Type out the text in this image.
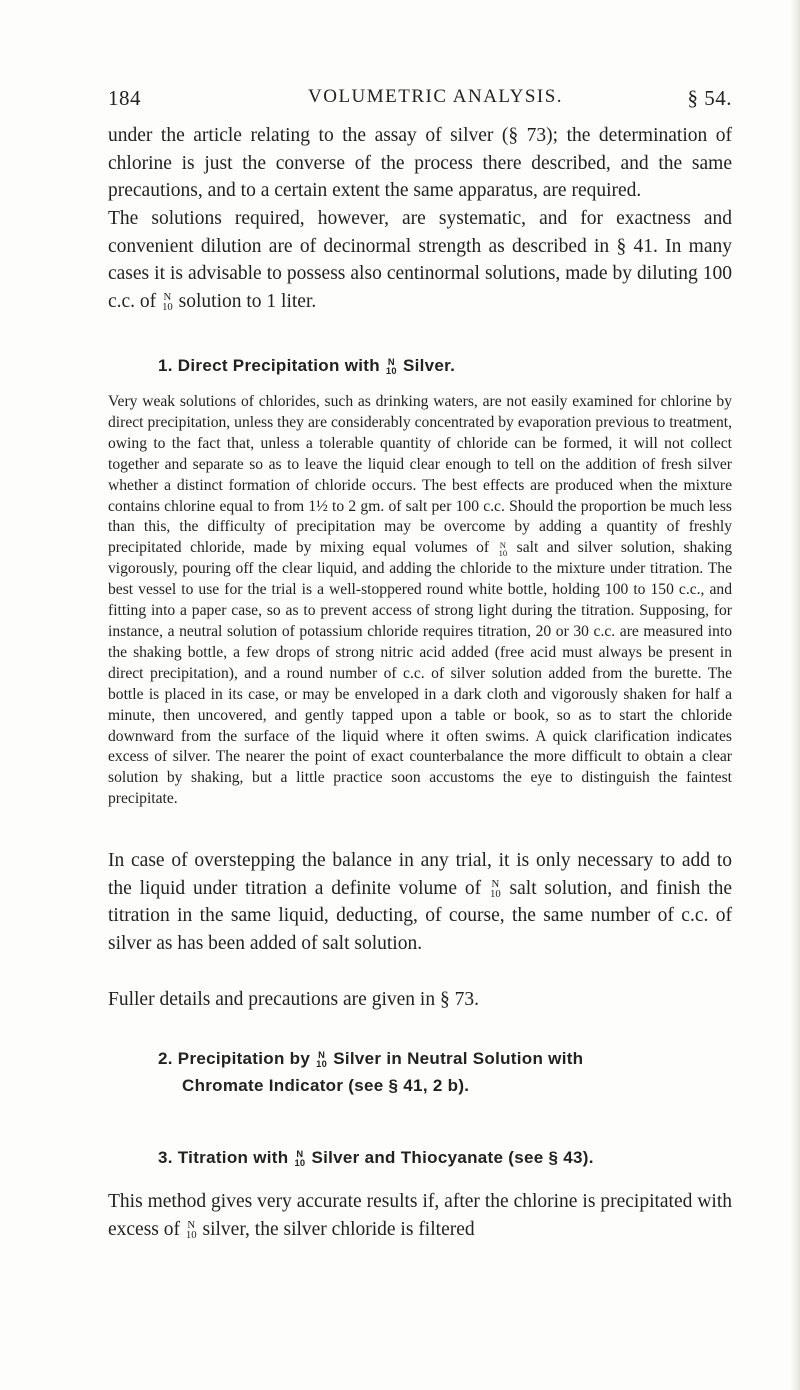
184	VOLUMETRIC ANALYSIS.	§ 54.

under the article relating to the assay of silver (§ 73); the determination of chlorine is just the converse of the process there described, and the same precautions, and to a certain extent the same apparatus, are required.

The solutions required, however, are systematic, and for exactness and convenient dilution are of decinormal strength as described in § 41. In many cases it is advisable to possess also centinormal solutions, made by diluting 100 c.c. of N
10 solution to 1 liter.

1. Direct Precipitation with N
10 Silver.

Very weak solutions of chlorides, such as drinking waters, are not easily examined for chlorine by direct precipitation, unless they are considerably concentrated by evaporation previous to treatment, owing to the fact that, unless a tolerable quantity of chloride can be formed, it will not collect together and separate so as to leave the liquid clear enough to tell on the addition of fresh silver whether a distinct formation of chloride occurs. The best effects are produced when the mixture contains chlorine equal to from 1½ to 2 gm. of salt per 100 c.c. Should the proportion be much less than this, the difficulty of precipitation may be overcome by adding a quantity of freshly precipitated chloride, made by mixing equal volumes of N
10 salt and silver solution, shaking vigorously, pouring off the clear liquid, and adding the chloride to the mixture under titration. The best vessel to use for the trial is a well-stoppered round white bottle, holding 100 to 150 c.c., and fitting into a paper case, so as to prevent access of strong light during the titration. Supposing, for instance, a neutral solution of potassium chloride requires titration, 20 or 30 c.c. are measured into the shaking bottle, a few drops of strong nitric acid added (free acid must always be present in direct precipitation), and a round number of c.c. of silver solution added from the burette. The bottle is placed in its case, or may be enveloped in a dark cloth and vigorously shaken for half a minute, then uncovered, and gently tapped upon a table or book, so as to start the chloride downward from the surface of the liquid where it often swims. A quick clarification indicates excess of silver. The nearer the point of exact counterbalance the more difficult to obtain a clear solution by shaking, but a little practice soon accustoms the eye to distinguish the faintest precipitate.

In case of overstepping the balance in any trial, it is only necessary to add to the liquid under titration a definite volume of N
10 salt solution, and finish the titration in the same liquid, deducting, of course, the same number of c.c. of silver as has been added of salt solution.

Fuller details and precautions are given in § 73.

2. Precipitation by N
10 Silver in Neutral Solution with
Chromate Indicator (see § 41, 2 b).
3. Titration with N
10 Silver and Thiocyanate (see § 43).

This method gives very accurate results if, after the chlorine is precipitated with excess of N
10 silver, the silver chloride is filtered
